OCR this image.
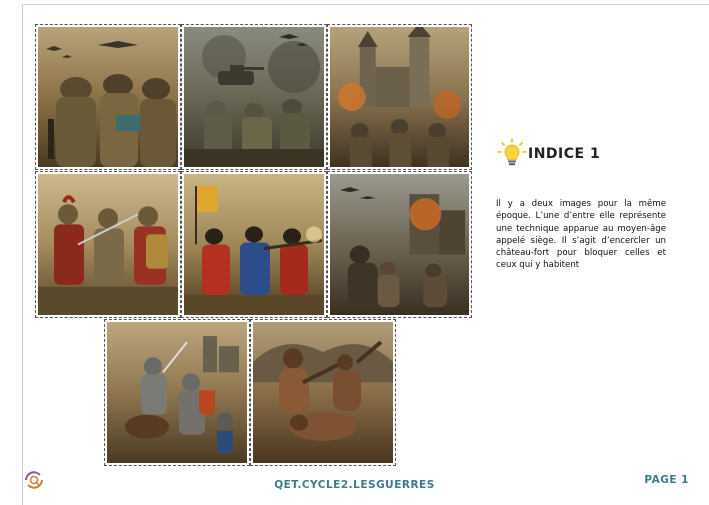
INDICE 1
Il y a deux images pour la même époque. L’une d’entre elle représente une technique apparue au moyen-âge appelé siège. Il s’agit d’encercler un château-fort pour bloquer celles et ceux qui y habitent
QET.CYCLE2.LESGUERRES	PAGE 1
